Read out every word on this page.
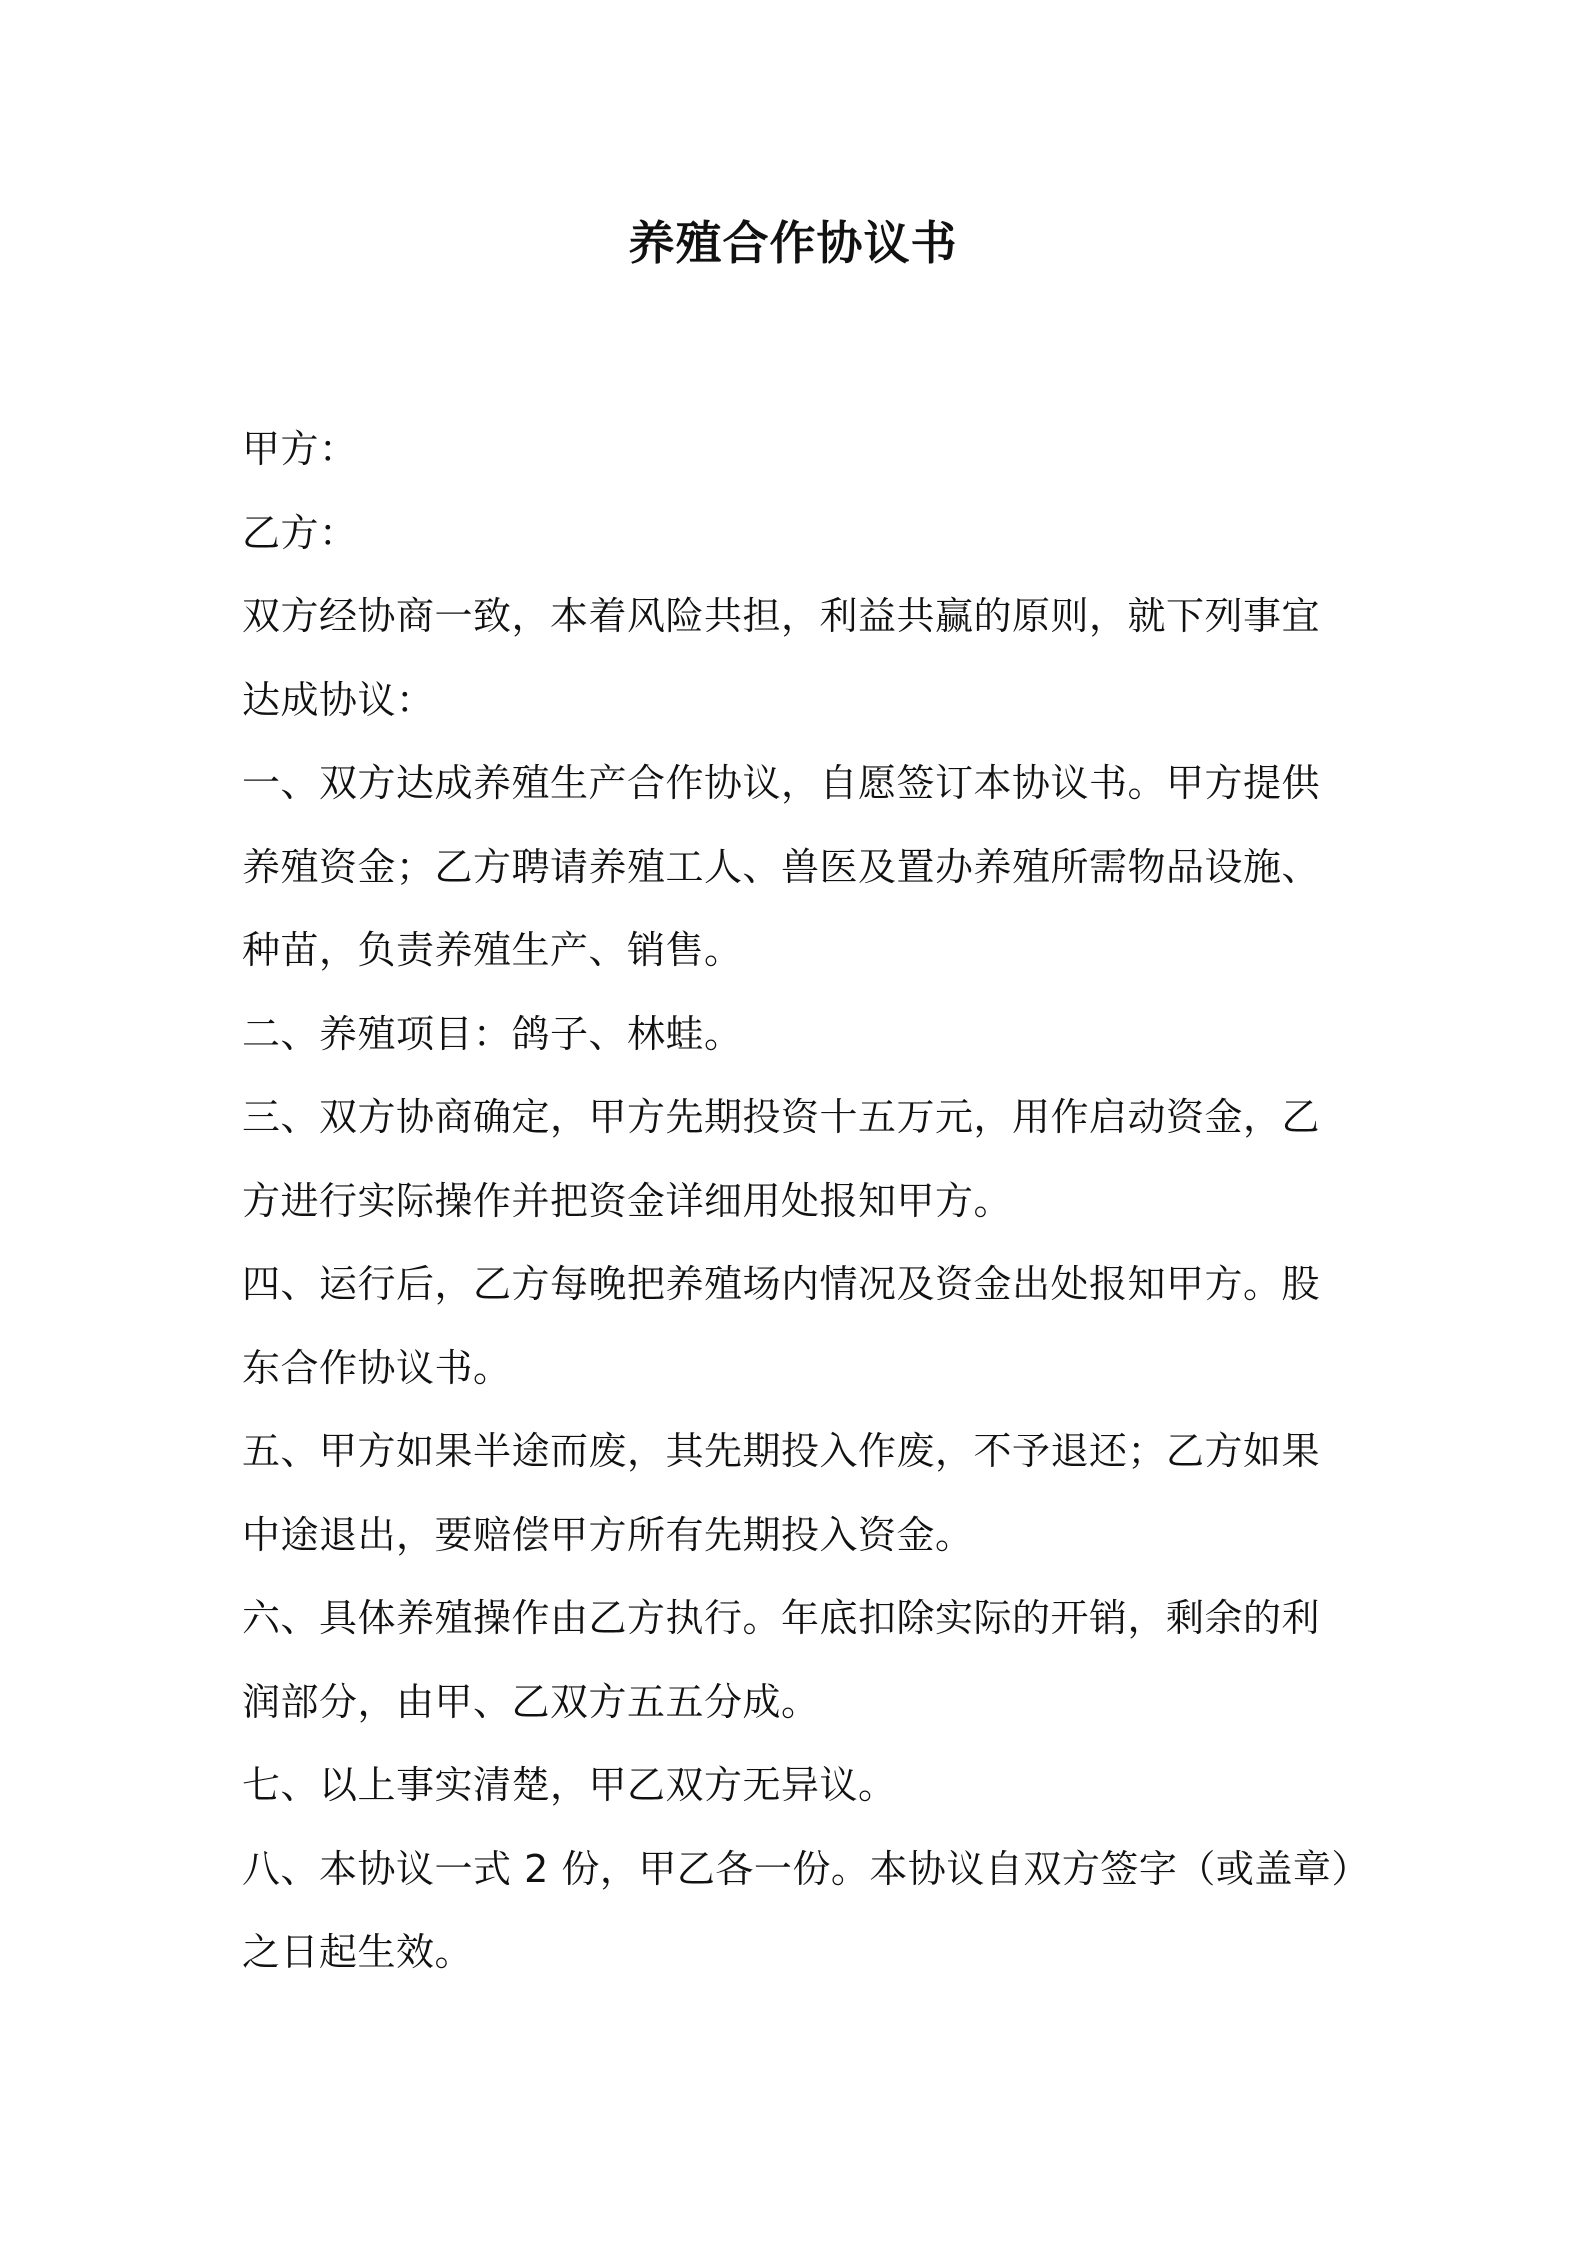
养殖合作协议书

甲方：

乙方：

双方经协商一致，本着风险共担，利益共赢的原则，就下列事宜达成协议：

一、双方达成养殖生产合作协议，自愿签订本协议书。甲方提供养殖资金；乙方聘请养殖工人、兽医及置办养殖所需物品设施、种苗，负责养殖生产、销售。

二、养殖项目：鸽子、林蛙。

三、双方协商确定，甲方先期投资十五万元，用作启动资金，乙方进行实际操作并把资金详细用处报知甲方。

四、运行后，乙方每晚把养殖场内情况及资金出处报知甲方。股东合作协议书。

五、甲方如果半途而废，其先期投入作废，不予退还；乙方如果中途退出，要赔偿甲方所有先期投入资金。

六、具体养殖操作由乙方执行。年底扣除实际的开销，剩余的利润部分，由甲、乙双方五五分成。

七、以上事实清楚，甲乙双方无异议。

八、本协议一式 2 份，甲乙各一份。本协议自双方签字（或盖章）之日起生效。
